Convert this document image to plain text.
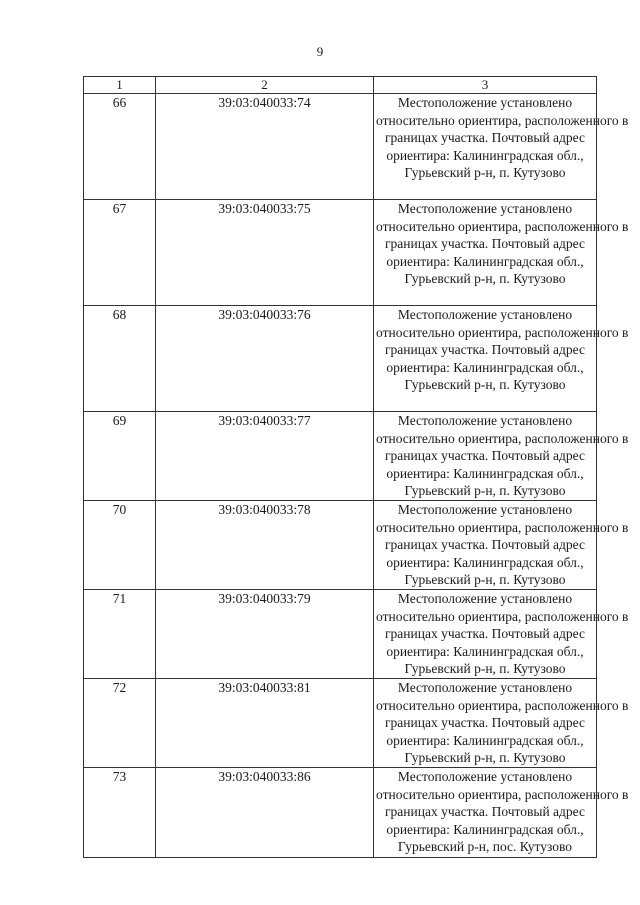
9
1	2	3
66	39:03:040033:74	Местоположение установлено
относительно ориентира, расположенного в
границах участка. Почтовый адрес
ориентира: Калининградская обл.,
Гурьевский р-н, п. Кутузово

67	39:03:040033:75	Местоположение установлено
относительно ориентира, расположенного в
границах участка. Почтовый адрес
ориентира: Калининградская обл.,
Гурьевский р-н, п. Кутузово

68	39:03:040033:76	Местоположение установлено
относительно ориентира, расположенного в
границах участка. Почтовый адрес
ориентира: Калининградская обл.,
Гурьевский р-н, п. Кутузово

69	39:03:040033:77	Местоположение установлено
относительно ориентира, расположенного в
границах участка. Почтовый адрес
ориентира: Калининградская обл.,
Гурьевский р-н, п. Кутузово

70	39:03:040033:78	Местоположение установлено
относительно ориентира, расположенного в
границах участка. Почтовый адрес
ориентира: Калининградская обл.,
Гурьевский р-н, п. Кутузово

71	39:03:040033:79	Местоположение установлено
относительно ориентира, расположенного в
границах участка. Почтовый адрес
ориентира: Калининградская обл.,
Гурьевский р-н, п. Кутузово

72	39:03:040033:81	Местоположение установлено
относительно ориентира, расположенного в
границах участка. Почтовый адрес
ориентира: Калининградская обл.,
Гурьевский р-н, п. Кутузово

73	39:03:040033:86	Местоположение установлено
относительно ориентира, расположенного в
границах участка. Почтовый адрес
ориентира: Калининградская обл.,
Гурьевский р-н, пос. Кутузово
